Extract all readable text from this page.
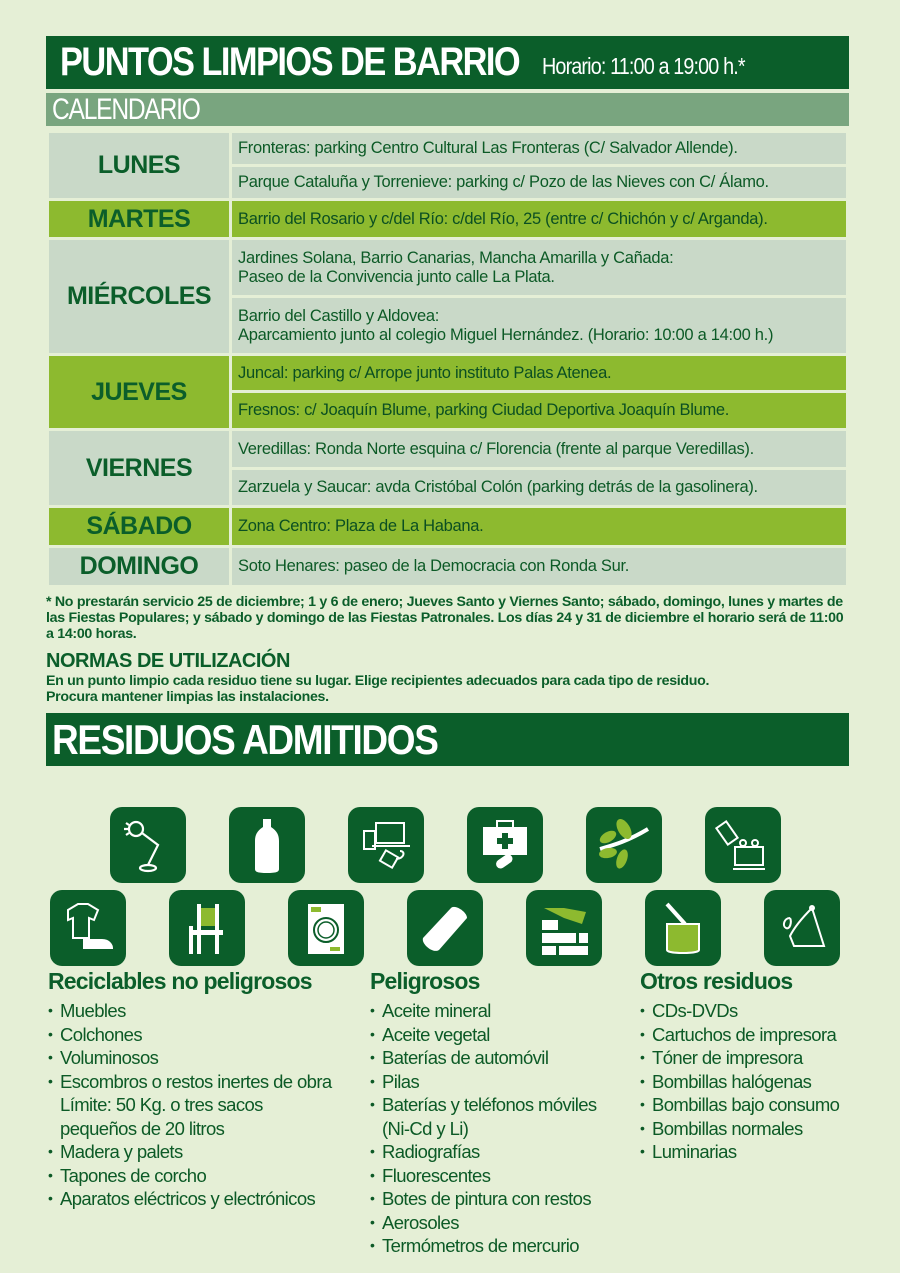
PUNTOS LIMPIOS DE BARRIO Horario: 11:00 a 19:00 h.*
CALENDARIO
LUNES	Fronteras: parking Centro Cultural Las Fronteras (C/ Salvador Allende).
	Parque Cataluña y Torrenieve: parking c/ Pozo de las Nieves con C/ Álamo.
MARTES	Barrio del Rosario y c/del Río: c/del Río, 25 (entre c/ Chichón y c/ Arganda).
MIÉRCOLES	Jardines Solana, Barrio Canarias, Mancha Amarilla y Cañada:
Paseo de la Convivencia junto calle La Plata.

	Barrio del Castillo y Aldovea:
Aparcamiento junto al colegio Miguel Hernández. (Horario: 10:00 a 14:00 h.)

JUEVES	Juncal: parking c/ Arrope junto instituto Palas Atenea.
	Fresnos: c/ Joaquín Blume, parking Ciudad Deportiva Joaquín Blume.
VIERNES	Veredillas: Ronda Norte esquina c/ Florencia (frente al parque Veredillas).
	Zarzuela y Saucar: avda Cristóbal Colón (parking detrás de la gasolinera).
SÁBADO	Zona Centro: Plaza de La Habana.
DOMINGO	Soto Henares: paseo de la Democracia con Ronda Sur.

* No prestarán servicio 25 de diciembre; 1 y 6 de enero; Jueves Santo y Viernes Santo; sábado, domingo, lunes y martes de las Fiestas Populares; y sábado y domingo de las Fiestas Patronales. Los días 24 y 31 de diciembre el horario será de 11:00 a 14:00 horas.

NORMAS DE UTILIZACIÓN
En un punto limpio cada residuo tiene su lugar. Elige recipientes adecuados para cada tipo de residuo.
Procura mantener limpias las instalaciones.
RESIDUOS ADMITIDOS
Reciclables no peligrosos
• Muebles
• Colchones
• Voluminosos
• Escombros o restos inertes de obra
Límite: 50 Kg. o tres sacos
pequeños de 20 litros
• Madera y palets
• Tapones de corcho
• Aparatos eléctricos y electrónicos
Peligrosos
• Aceite mineral
• Aceite vegetal
• Baterías de automóvil
• Pilas
• Baterías y teléfonos móviles
(Ni-Cd y Li)
• Radiografías
• Fluorescentes
• Botes de pintura con restos
• Aerosoles
• Termómetros de mercurio
Otros residuos
• CDs-DVDs
• Cartuchos de impresora
• Tóner de impresora
• Bombillas halógenas
• Bombillas bajo consumo
• Bombillas normales
• Luminarias
